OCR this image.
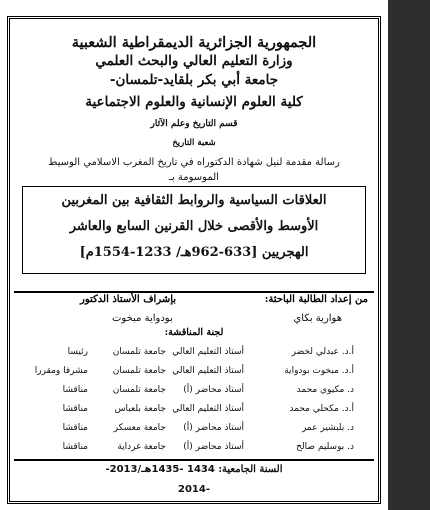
الجمهورية الجزائرية الديمقراطية الشعبية
وزارة التعليم العالي والبحث العلمي
جامعة أبي بكر بلقايد-تلمسان-
كلية العلوم الإنسانية والعلوم الاجتماعية
قسم التاريخ وعلم الآثار
شعبة التاريخ
رسالة مقدمة لنيل شهادة الدكتوراه في تاريخ المغرب الاسلامي الوسيط
الموسومة بـ
العلاقات السياسية والروابط الثقافية بين المغربين
الأوسط والأقصى خلال القرنين السابع والعاشر
الهجريين [633-962هـ/ 1233-1554م]
من إعداد الطالبة الباحثة:
بإشراف الأستاذ الدكتور
هوارية بكاي
بودواية مبخوت
لجنة المناقشة:
أ.د. عبدلي لخضر
أستاذ التعليم العالي
جامعة تلمسان
رئيسا
أ.د. مبخوت بودواية
أستاذ التعليم العالي
جامعة تلمسان
مشرفا ومقررا
د. مكيوي محمد
أستاذ محاضر (أ)
جامعة تلمسان
مناقشا
أ.د. مكحلي محمد
أستاذ التعليم العالي
جامعة بلعباس
مناقشا
د. بلبشير عمر
أستاذ محاضر (أ)
جامعة معسكر
مناقشا
د. بوسليم صالح
أستاذ محاضر (أ)
جامعة غرداية
مناقشا
السنة الجامعية: 1434 -1435هـ/2013-
2014-
